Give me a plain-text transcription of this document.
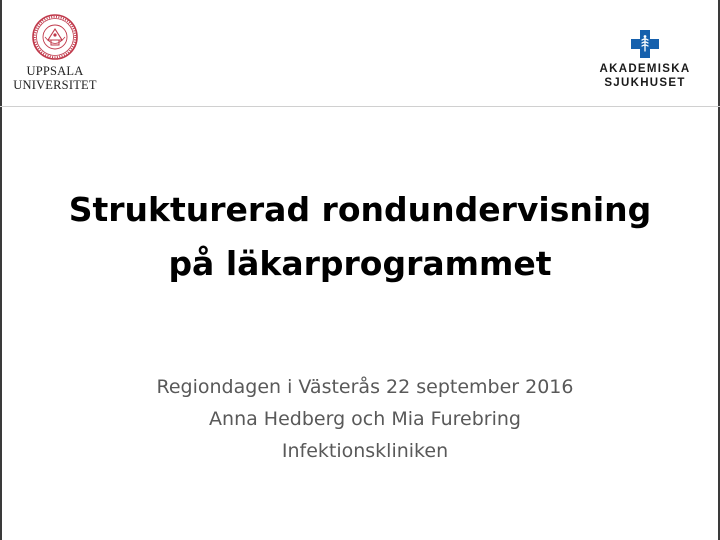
UPPSALA
UNIVERSITET
AKADEMISKA
SJUKHUSET
Strukturerad rondundervisning
på läkarprogrammet
Regiondagen i Västerås 22 september 2016
Anna Hedberg och Mia Furebring
Infektionskliniken
